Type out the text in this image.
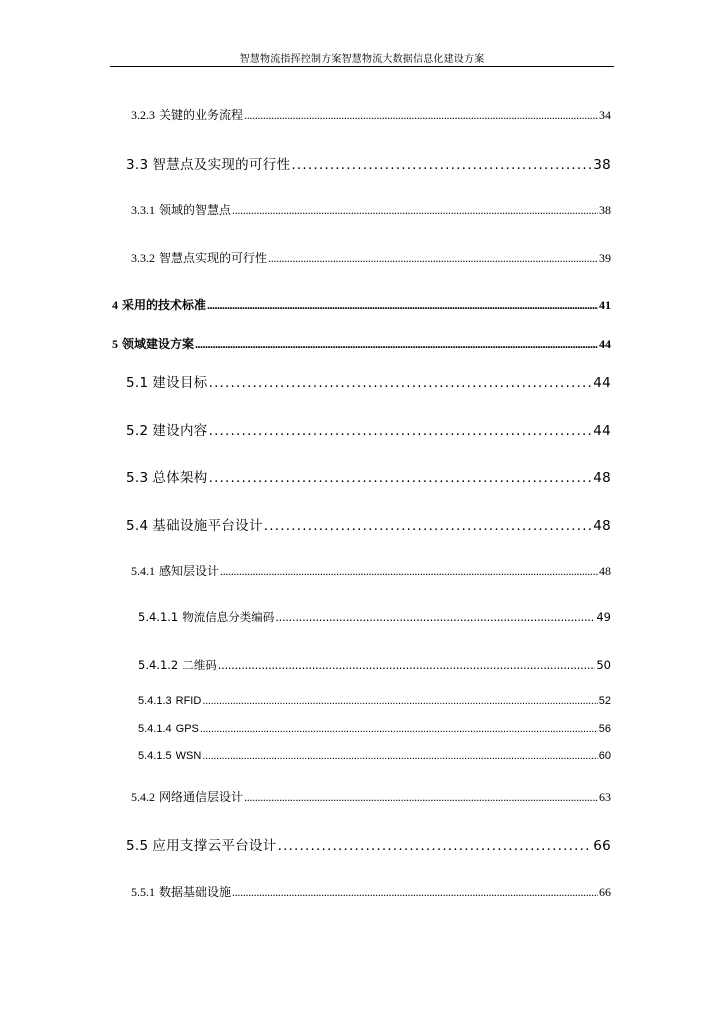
智慧物流指挥控制方案智慧物流大数据信息化建设方案
3.2.3 关键的业务流程 .....	34
3.3 智慧点及实现的可行性 .....	38
3.3.1 领域的智慧点 .....	38
3.3.2 智慧点实现的可行性 .....	39
4 采用的技术标准 .....	41
5 领域建设方案 .....	44
5.1 建设目标 .....	44
5.2 建设内容 .....	44
5.3 总体架构 .....	48
5.4 基础设施平台设计 .....	48
5.4.1 感知层设计 .....	48
5.4.1.1 物流信息分类编码 .....	49
5.4.1.2 二维码 .....	50
5.4.1.3 RFID .....	52
5.4.1.4 GPS .....	56
5.4.1.5 WSN .....	60
5.4.2 网络通信层设计 .....	63
5.5 应用支撑云平台设计 .....	66
5.5.1 数据基础设施 .....	66
